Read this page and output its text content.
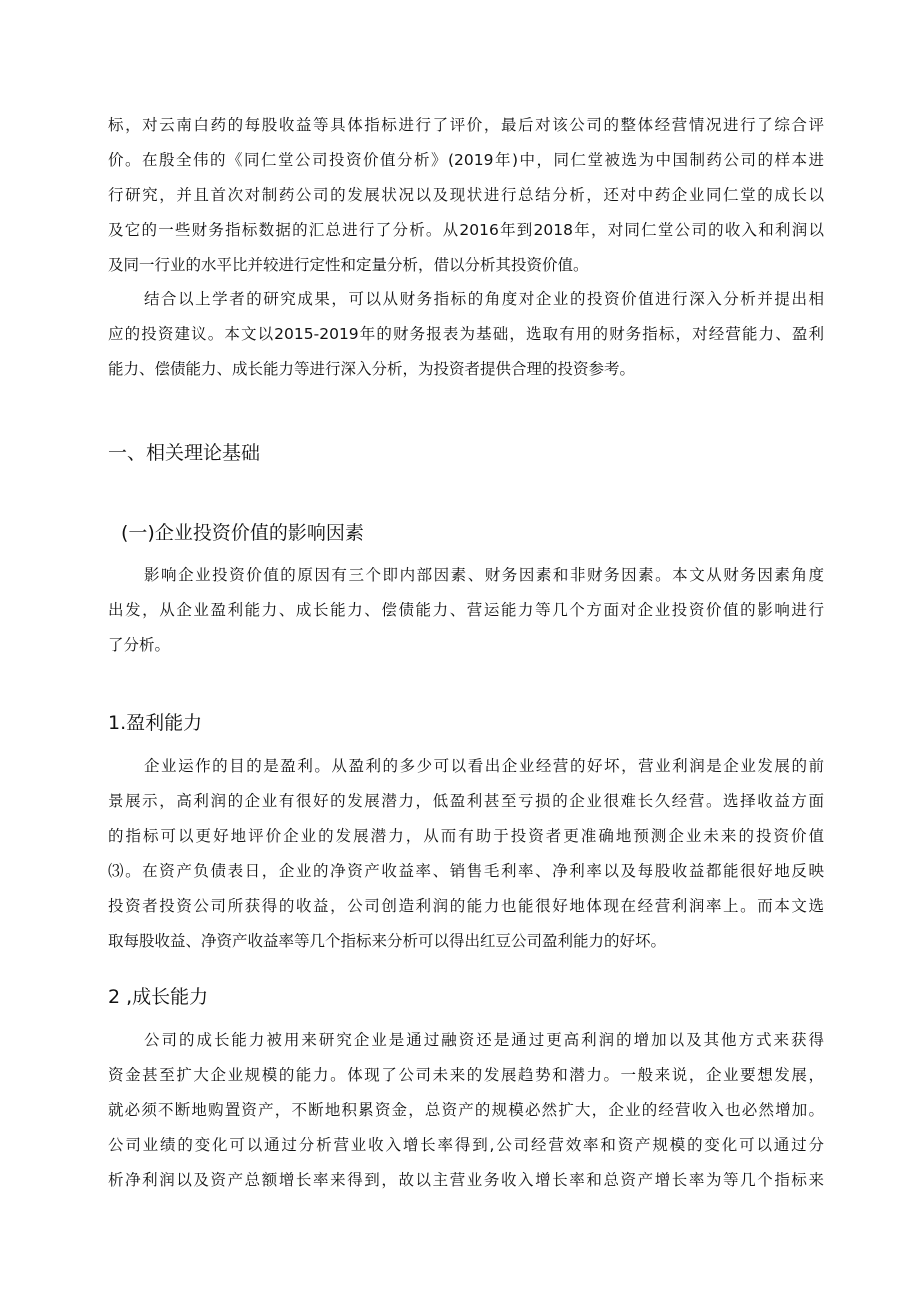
标，对云南白药的每股收益等具体指标进行了评价，最后对该公司的整体经营情况进行了综合评
价。在殷全伟的《同仁堂公司投资价值分析》(2019年)中，同仁堂被选为中国制药公司的样本进
行研究，并且首次对制药公司的发展状况以及现状进行总结分析，还对中药企业同仁堂的成长以
及它的一些财务指标数据的汇总进行了分析。从2016年到2018年，对同仁堂公司的收入和利润以
及同一行业的水平比并较进行定性和定量分析，借以分析其投资价值。
结合以上学者的研究成果，可以从财务指标的角度对企业的投资价值进行深入分析并提出相
应的投资建议。本文以2015-2019年的财务报表为基础，选取有用的财务指标，对经营能力、盈利
能力、偿债能力、成长能力等进行深入分析，为投资者提供合理的投资参考。
一、相关理论基础
(一)企业投资价值的影响因素
影响企业投资价值的原因有三个即内部因素、财务因素和非财务因素。本文从财务因素角度
出发，从企业盈利能力、成长能力、偿债能力、营运能力等几个方面对企业投资价值的影响进行
了分析。
1.盈利能力
企业运作的目的是盈利。从盈利的多少可以看出企业经营的好坏，营业利润是企业发展的前
景展示，高利润的企业有很好的发展潜力，低盈利甚至亏损的企业很难长久经营。选择收益方面
的指标可以更好地评价企业的发展潜力，从而有助于投资者更准确地预测企业未来的投资价值
⑶。在资产负债表日，企业的净资产收益率、销售毛利率、净利率以及每股收益都能很好地反映
投资者投资公司所获得的收益，公司创造利润的能力也能很好地体现在经营利润率上。而本文选
取每股收益、净资产收益率等几个指标来分析可以得出红豆公司盈利能力的好坏。
2 ,成长能力
公司的成长能力被用来研究企业是通过融资还是通过更高利润的增加以及其他方式来获得
资金甚至扩大企业规模的能力。体现了公司未来的发展趋势和潜力。一般来说，企业要想发展，
就必须不断地购置资产，不断地积累资金，总资产的规模必然扩大，企业的经营收入也必然增加。
公司业绩的变化可以通过分析营业收入增长率得到,公司经营效率和资产规模的变化可以通过分
析净利润以及资产总额增长率来得到，故以主营业务收入增长率和总资产增长率为等几个指标来
